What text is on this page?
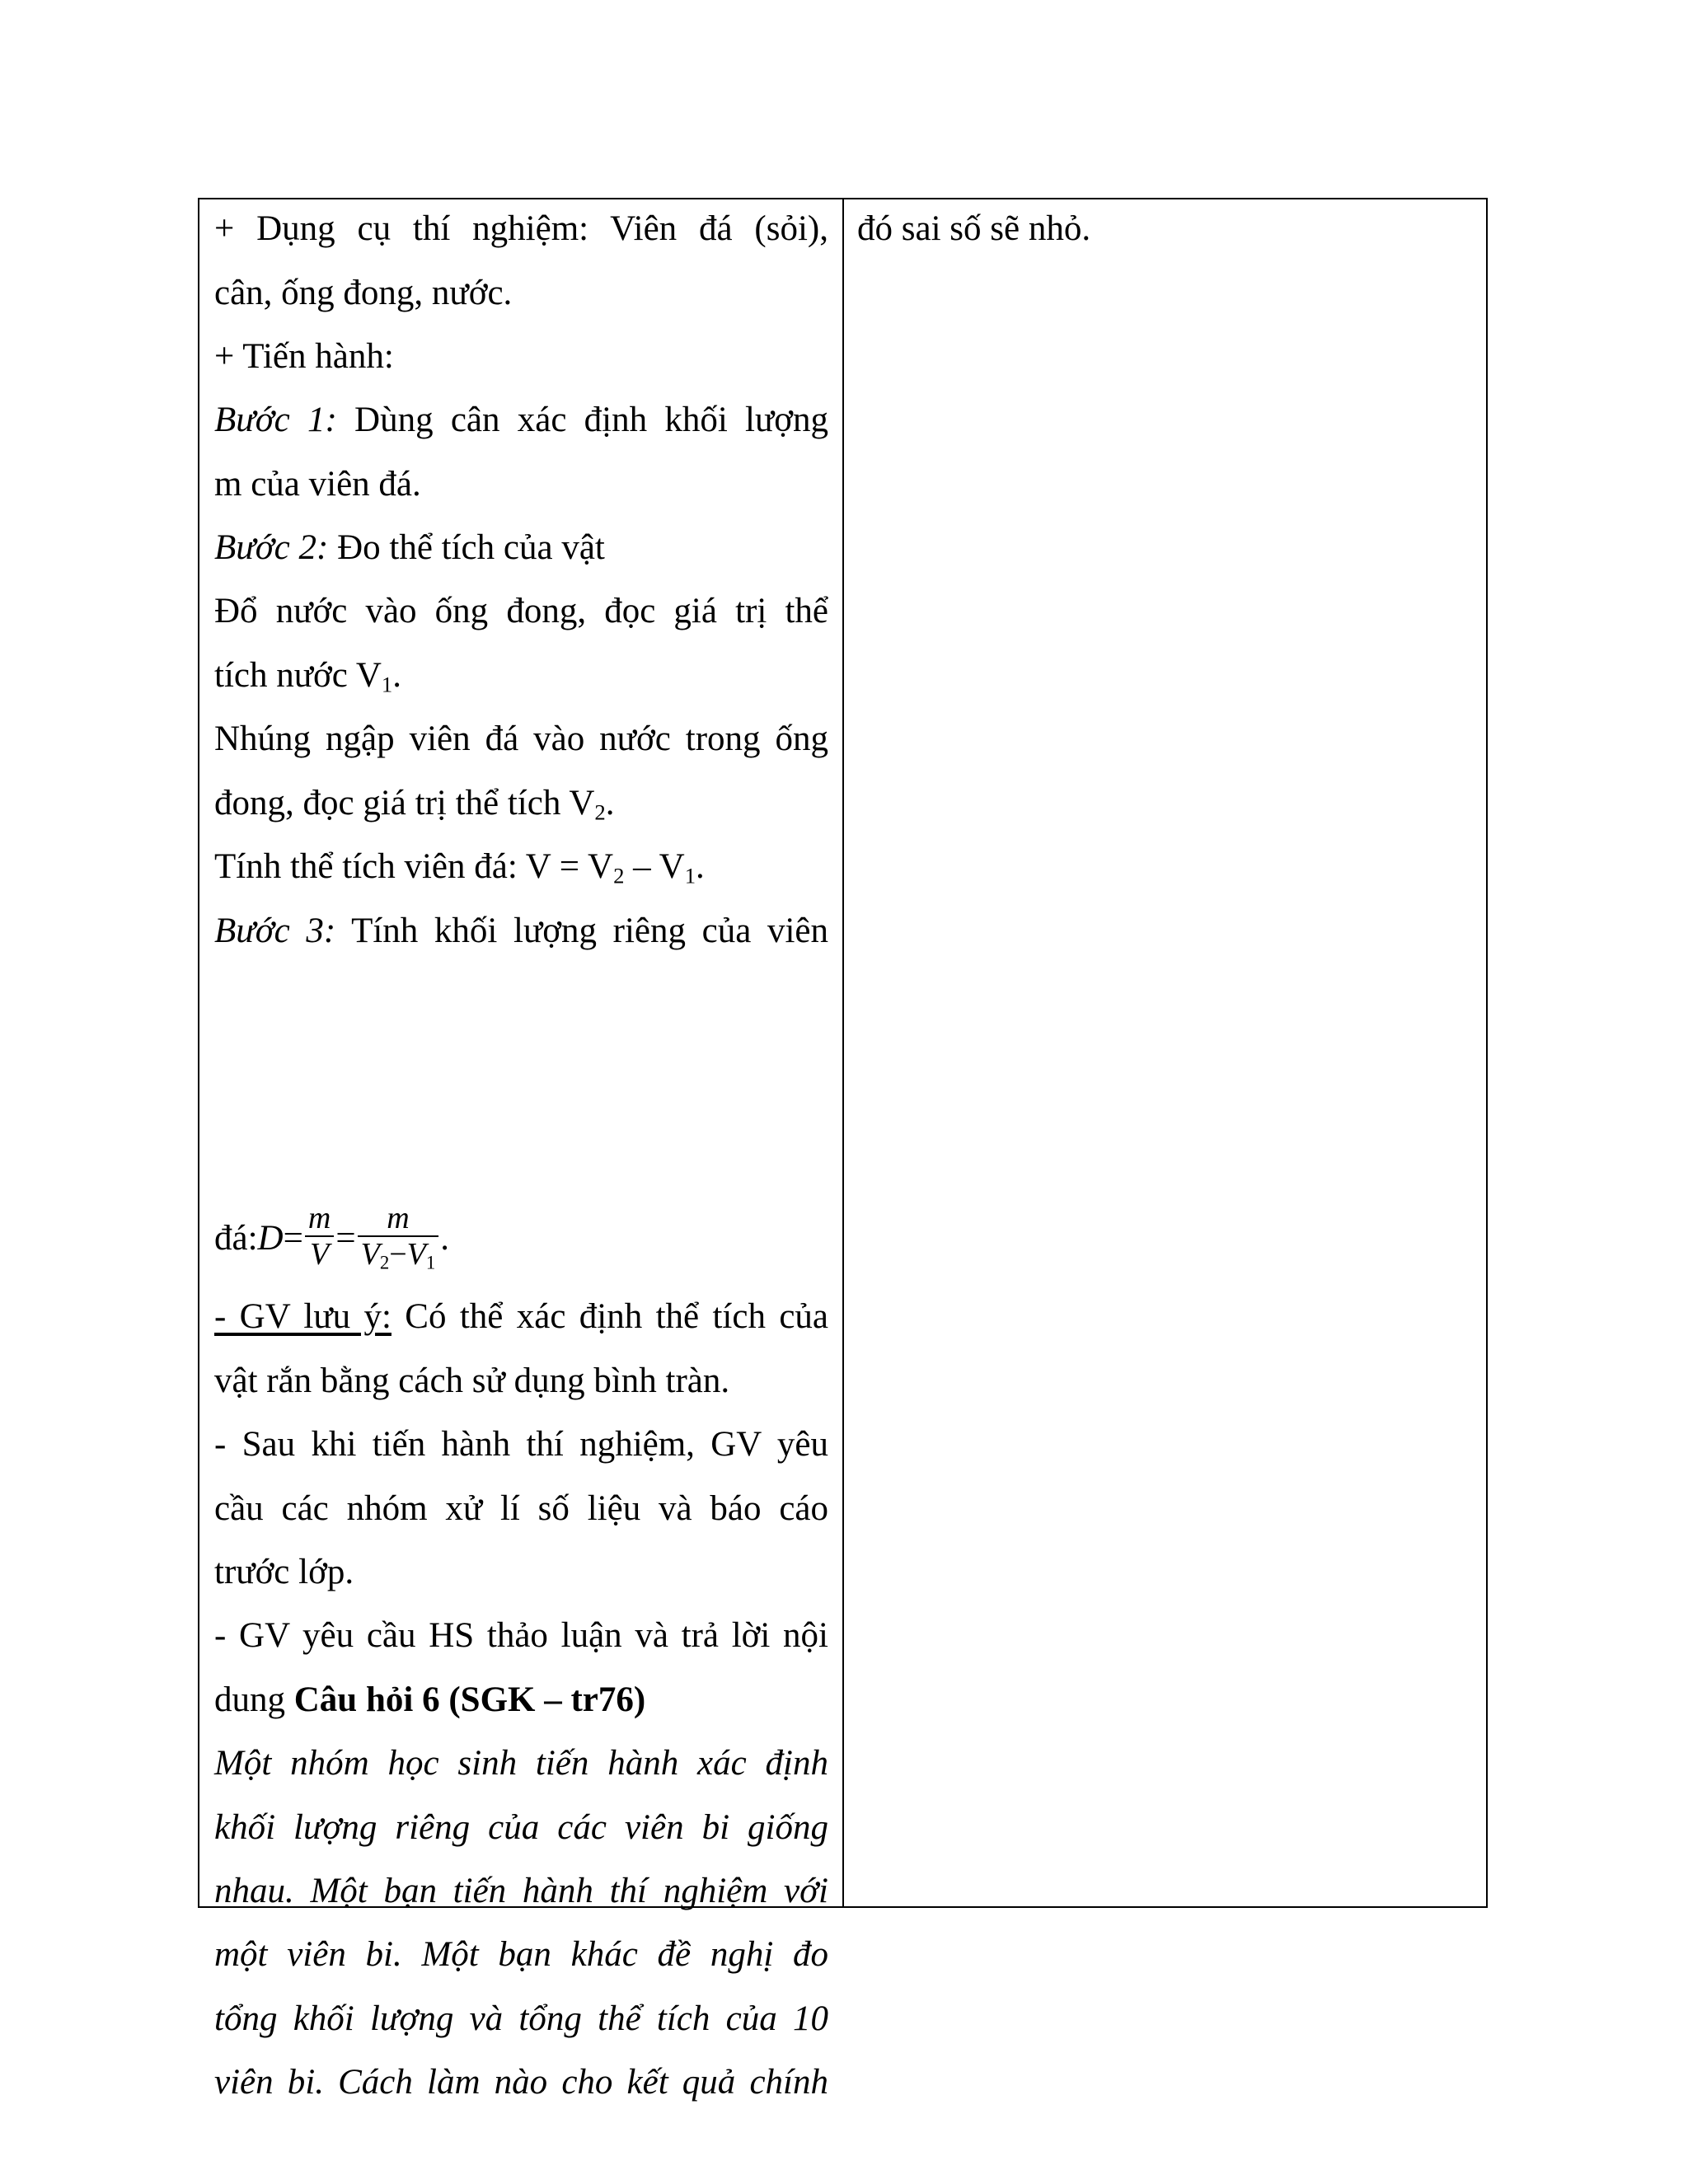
+ Dụng cụ thí nghiệm: Viên đá (sỏi),
cân, ống đong, nước.
+ Tiến hành:
Bước 1: Dùng cân xác định khối lượng
m của viên đá.
Bước 2: Đo thể tích của vật
Đổ nước vào ống đong, đọc giá trị thể
tích nước $V_1$.
Nhúng ngập viên đá vào nước trong ống
đong, đọc giá trị thể tích $V_2$.
Tính thể tích viên đá: $V = V_2 - V_1$.
Bước 3: Tính khối lượng riêng của viên
đá: $D = \frac{m}{V} = \frac{m}{V_2-V_1}$ .
- GV lưu ý: Có thể xác định thể tích của
vật rắn bằng cách sử dụng bình tràn.
- Sau khi tiến hành thí nghiệm, GV yêu
cầu các nhóm xử lí số liệu và báo cáo
trước lớp.
- GV yêu cầu HS thảo luận và trả lời nội
dung Câu hỏi 6 (SGK – tr76)
Một nhóm học sinh tiến hành xác định
khối lượng riêng của các viên bi giống
nhau. Một bạn tiến hành thí nghiệm với
một viên bi. Một bạn khác đề nghị đo
tổng khối lượng và tổng thể tích của 10
viên bi. Cách làm nào cho kết quả chính
đó sai số sẽ nhỏ.
